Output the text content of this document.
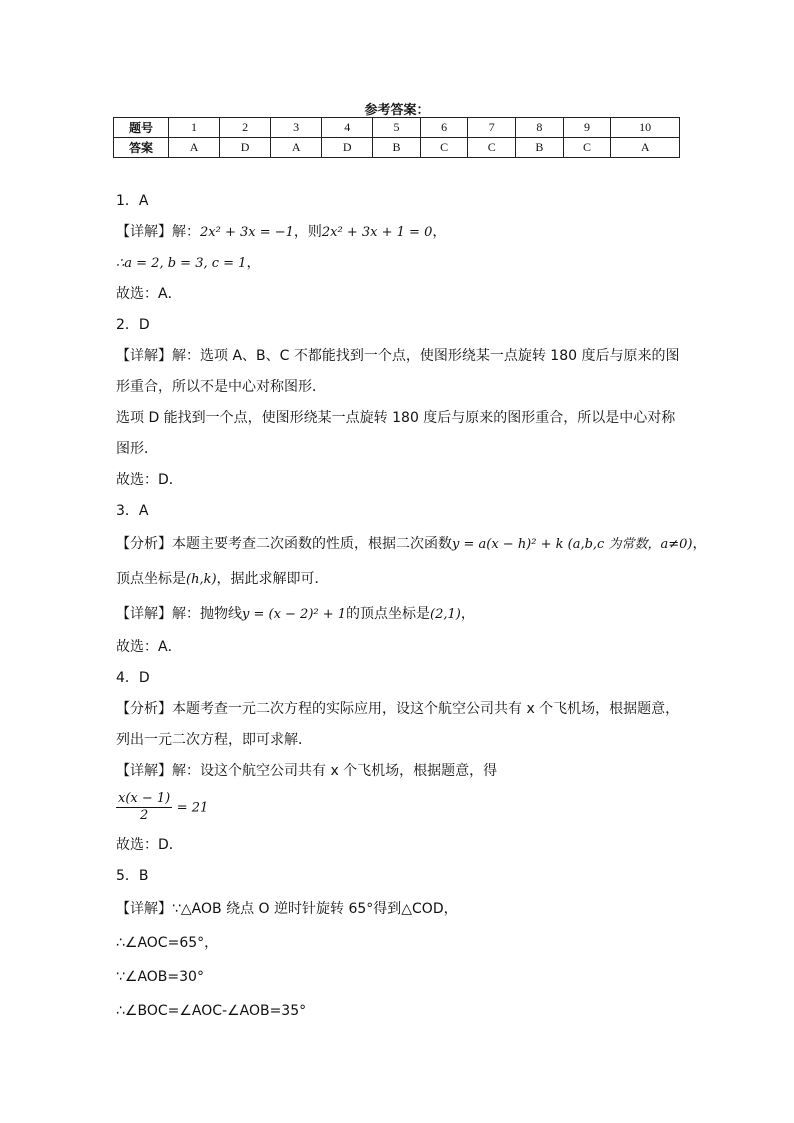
参考答案：
题号	1	2	3	4	5	6	7	8	9	10
答案	A	D	A	D	B	C	C	B	C	A
1．A
【详解】解：2x² + 3x = −1，则2x² + 3x + 1 = 0，
∴a = 2, b = 3, c = 1，
故选：A．
2．D
【详解】解：选项 A、B、C 不都能找到一个点，使图形绕某一点旋转 180 度后与原来的图
形重合，所以不是中心对称图形．
选项 D 能找到一个点，使图形绕某一点旋转 180 度后与原来的图形重合，所以是中心对称
图形．
故选：D．
3．A
【分析】本题主要考查二次函数的性质，根据二次函数y = a(x − h)² + k (a,b,c 为常数，a≠0)，
顶点坐标是(h,k)，据此求解即可．
【详解】解：抛物线y = (x − 2)² + 1的顶点坐标是(2,1)，
故选：A．
4．D
【分析】本题考查一元二次方程的实际应用，设这个航空公司共有 x 个飞机场，根据题意，
列出一元二次方程，即可求解．
【详解】解：设这个航空公司共有 x 个飞机场，根据题意，得
$\frac{x(x - 1)}{2} = 21$
故选：D．
5．B
【详解】∵△AOB 绕点 O 逆时针旋转 65°得到△COD，
∴∠AOC=65°，
∵∠AOB=30°
∴∠BOC=∠AOC-∠AOB=35°
